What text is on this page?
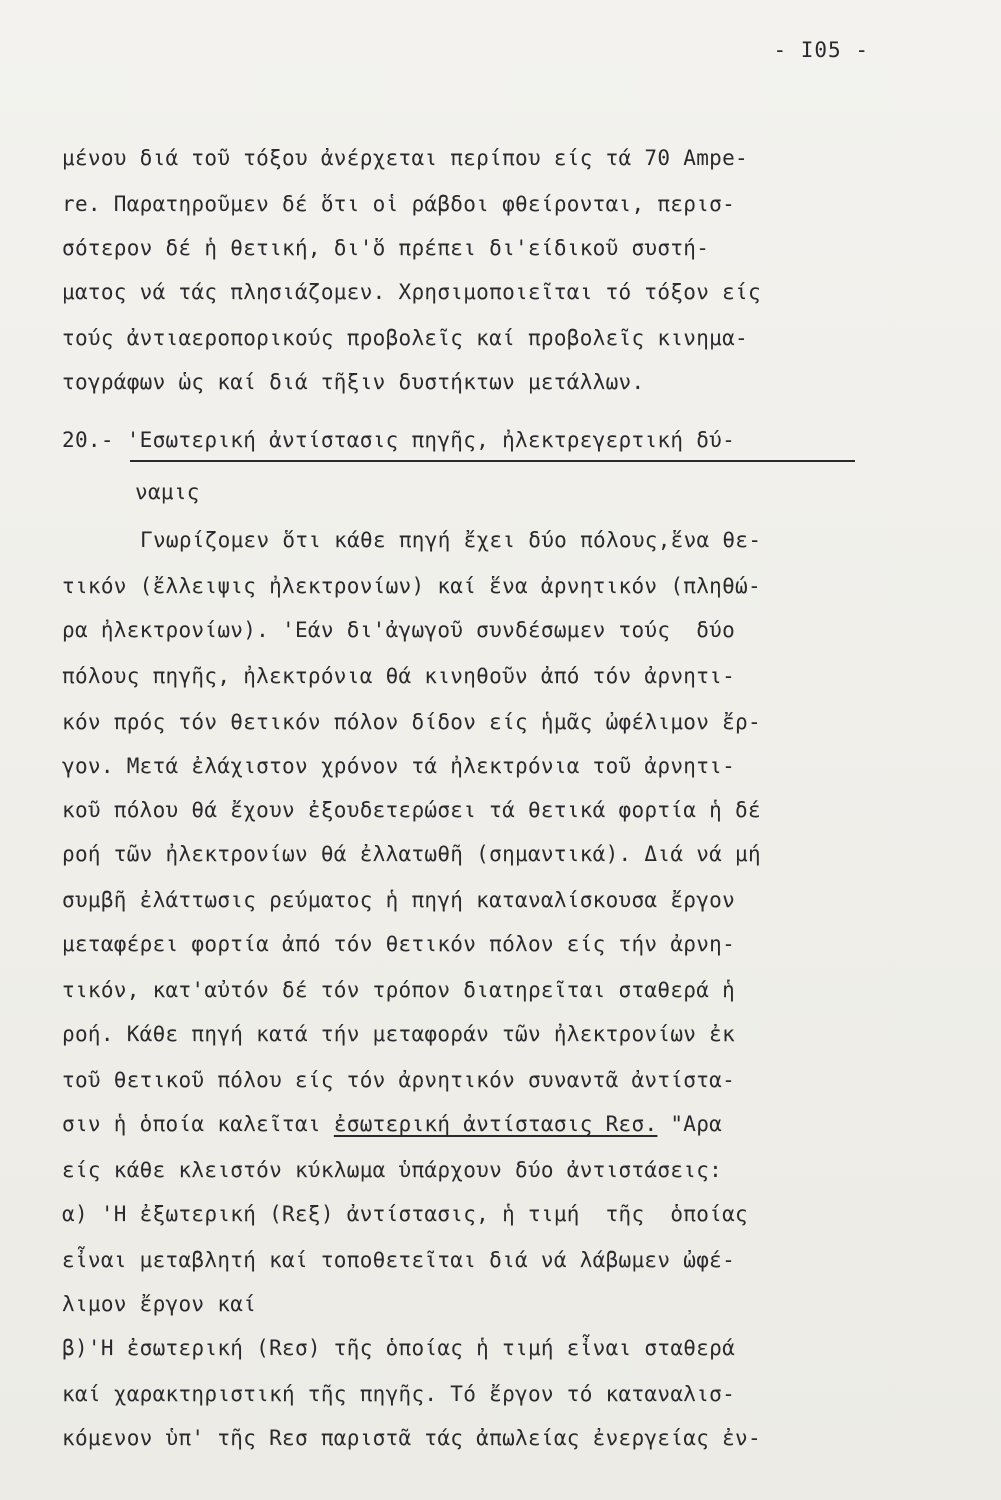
- I05 -
μένου διά τοῦ τόξου ἀνέρχεται περίπου είς τά 70 Ampe-
re. Παρατηροῦμεν δέ ὅτι οἱ ράβδοι φθείρονται, περισ-
σότερον δέ ἡ θετική, δι'ὅ πρέπει δι'είδικοῦ συστή-
ματος νά τάς πλησιάζομεν. Χρησιμοποιεῖται τό τόξον είς
τούς ἀντιαεροπορικούς προβολεῖς καί προβολεῖς κινημα-
τογράφων ὡς καί διά τῆξιν δυστήκτων μετάλλων.
20.- 'Εσωτερική ἀντίστασις πηγῆς, ἠλεκτρεγερτική δύ-
ναμις
Γνωρίζομεν ὅτι κάθε πηγή ἔχει δύο πόλους,ἕνα θε-
τικόν (ἔλλειψις ἠλεκτρονίων) καί ἕνα ἀρνητικόν (πληθώ-
ρα ἠλεκτρονίων). 'Εάν δι'ἀγωγοῦ συνδέσωμεν τούς  δύο
πόλους πηγῆς, ἠλεκτρόνια θά κινηθοῦν ἀπό τόν ἀρνητι-
κόν πρός τόν θετικόν πόλον δίδον είς ἡμᾶς ὠφέλιμον ἔρ-
γον. Μετά ἐλάχιστον χρόνον τά ἠλεκτρόνια τοῦ ἀρνητι-
κοῦ πόλου θά ἔχουν ἐξουδετερώσει τά θετικά φορτία ἡ δέ
ροή τῶν ἠλεκτρονίων θά ἐλλατωθῆ (σημαντικά). Διά νά μή
συμβῆ ἐλάττωσις ρεύματος ἡ πηγή καταναλίσκουσα ἔργον
μεταφέρει φορτία ἀπό τόν θετικόν πόλον είς τήν ἀρνη-
τικόν, κατ'αὐτόν δέ τόν τρόπον διατηρεῖται σταθερά ἡ
ροή. Κάθε πηγή κατά τήν μεταφοράν τῶν ἠλεκτρονίων ἐκ
τοῦ θετικοῦ πόλου είς τόν ἀρνητικόν συναντᾶ ἀντίστα-
σιν ἡ ὁποία καλεῖται ἐσωτερική ἀντίστασις Rεσ. "Αρα
είς κάθε κλειστόν κύκλωμα ὑπάρχουν δύο ἀντιστάσεις:
α) 'Η ἐξωτερική (Rεξ) ἀντίστασις, ἡ τιμή  τῆς  ὁποίας
εἶναι μεταβλητή καί τοποθετεῖται διά νά λάβωμεν ὠφέ-
λιμον ἔργον καί
β)'Η ἐσωτερική (Rεσ) τῆς ὁποίας ἡ τιμή εἶναι σταθερά
καί χαρακτηριστική τῆς πηγῆς. Τό ἔργον τό καταναλισ-
κόμενον ὑπ' τῆς Rεσ παριστᾶ τάς ἀπωλείας ἐνεργείας ἐν-
